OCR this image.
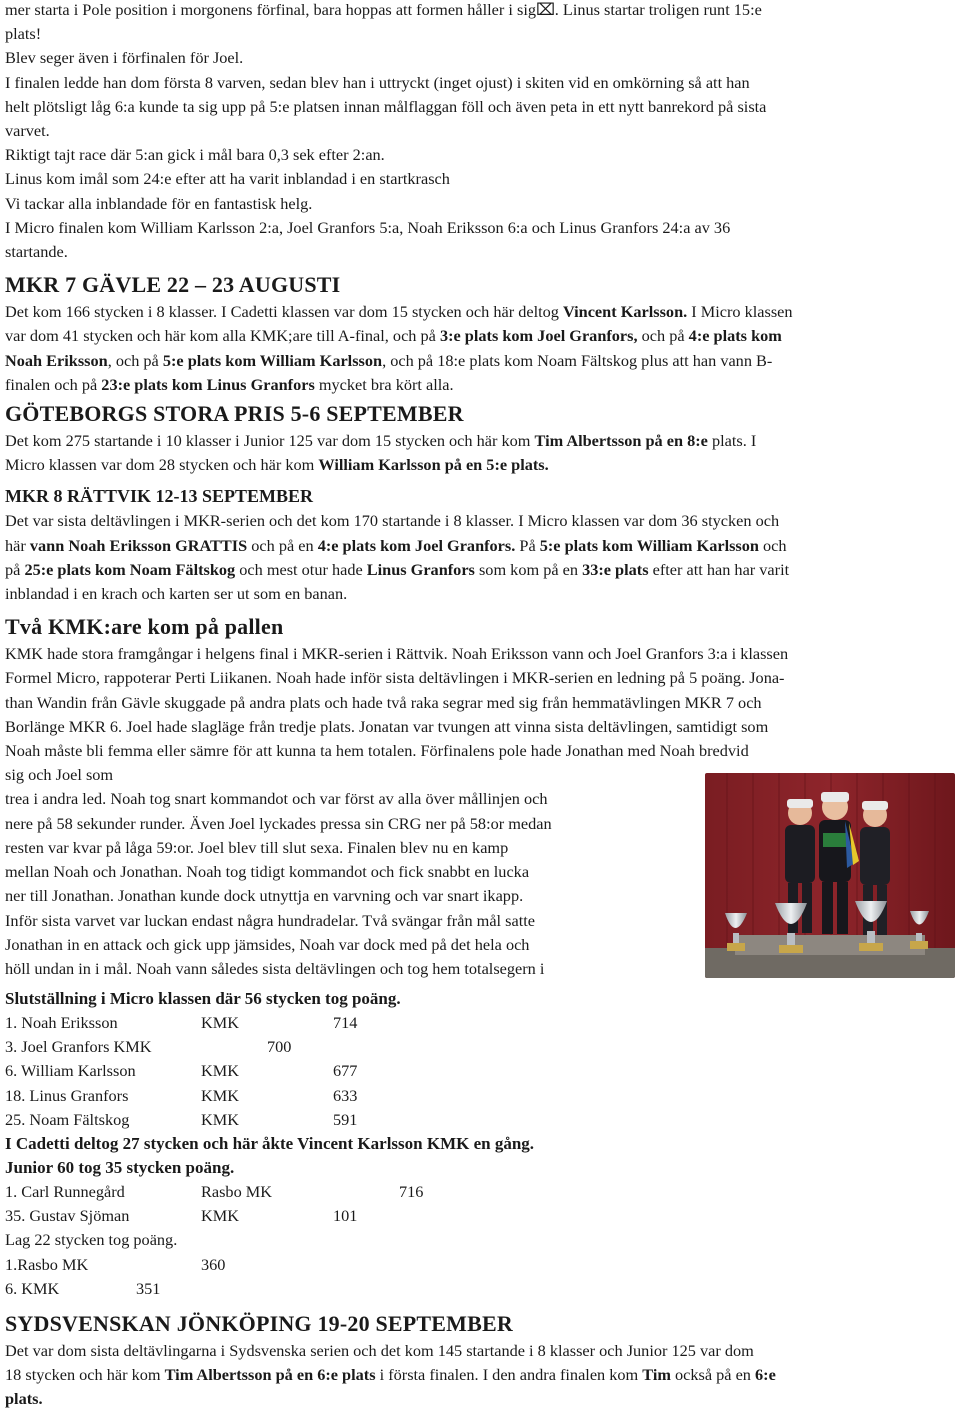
mer starta i Pole position i morgonens förfinal, bara hoppas att formen håller i sig⌧. Linus startar troligen runt 15:e
plats!
Blev seger även i förfinalen för Joel.
I finalen ledde han dom första 8 varven, sedan blev han i uttryckt (inget ojust) i skiten vid en omkörning så att han
helt plötsligt låg 6:a kunde ta sig upp på 5:e platsen innan målflaggan föll och även peta in ett nytt banrekord på sista
varvet.
Riktigt tajt race där 5:an gick i mål bara 0,3 sek efter 2:an.
Linus kom imål som 24:e efter att ha varit inblandad i en startkrasch
Vi tackar alla inblandade för en fantastisk helg.
I Micro finalen kom William Karlsson 2:a, Joel Granfors 5:a, Noah Eriksson 6:a och Linus Granfors 24:a av 36
startande.
MKR 7 GÄVLE 22 – 23 AUGUSTI
Det kom 166 stycken i 8 klasser. I Cadetti klassen var dom 15 stycken och här deltog Vincent Karlsson. I Micro klassen
var dom 41 stycken och här kom alla KMK;are till A-final, och på 3:e plats kom Joel Granfors, och på 4:e plats kom
Noah Eriksson, och på 5:e plats kom William Karlsson, och på 18:e plats kom Noam Fältskog plus att han vann B-
finalen och på 23:e plats kom Linus Granfors mycket bra kört alla.
GÖTEBORGS STORA PRIS 5-6 SEPTEMBER
Det kom 275 startande i 10 klasser i Junior 125 var dom 15 stycken och här kom Tim Albertsson på en 8:e plats. I
Micro klassen var dom 28 stycken och här kom William Karlsson på en 5:e plats.
MKR 8 RÄTTVIK 12-13 SEPTEMBER
Det var sista deltävlingen i MKR-serien och det kom 170 startande i 8 klasser. I Micro klassen var dom 36 stycken och
här vann Noah Eriksson GRATTIS och på en 4:e plats kom Joel Granfors. På 5:e plats kom William Karlsson och
på 25:e plats kom Noam Fältskog och mest otur hade Linus Granfors som kom på en 33:e plats efter att han har varit
inblandad i en krach och karten ser ut som en banan.
Två KMK:are kom på pallen
KMK hade stora framgångar i helgens final i MKR-serien i Rättvik. Noah Eriksson vann och Joel Granfors 3:a i klassen
Formel Micro, rappoterar Perti Liikanen. Noah hade inför sista deltävlingen i MKR-serien en ledning på 5 poäng. Jona-
than Wandin från Gävle skuggade på andra plats och hade två raka segrar med sig från hemmatävlingen MKR 7 och
Borlänge MKR 6. Joel hade slagläge från tredje plats. Jonatan var tvungen att vinna sista deltävlingen, samtidigt som
Noah måste bli femma eller sämre för att kunna ta hem totalen. Förfinalens pole hade Jonathan med Noah bredvid
sig och Joel som
trea i andra led. Noah tog snart kommandot och var först av alla över mållinjen och
nere på 58 sekunder runder. Även Joel lyckades pressa sin CRG ner på 58:or medan
resten var kvar på låga 59:or. Joel blev till slut sexa. Finalen blev nu en kamp
mellan Noah och Jonathan. Noah tog tidigt kommandot och fick snabbt en lucka
ner till Jonathan. Jonathan kunde dock utnyttja en varvning och var snart ikapp.
Inför sista varvet var luckan endast några hundradelar. Två svängar från mål satte
Jonathan in en attack och gick upp jämsides, Noah var dock med på det hela och
höll undan in i mål. Noah vann således sista deltävlingen och tog hem totalsegern i
Slutställning i Micro klassen där 56 stycken tog poäng.
1. Noah Eriksson	KMK	714
3. Joel Granfors KMK	700
6. William Karlsson	KMK	677
18. Linus Granfors	KMK	633
25. Noam Fältskog	KMK	591
I Cadetti deltog 27 stycken och här åkte Vincent Karlsson KMK en gång.
Junior 60 tog 35 stycken poäng.
1. Carl Runnegård	Rasbo MK	716
35. Gustav Sjöman	KMK	101
Lag 22 stycken tog poäng.
1.Rasbo MK	360
6. KMK	351
SYDSVENSKAN JÖNKÖPING 19-20 SEPTEMBER
Det var dom sista deltävlingarna i Sydsvenska serien och det kom 145 startande i 8 klasser och Junior 125 var dom
18 stycken och här kom Tim Albertsson på en 6:e plats i första finalen. I den andra finalen kom Tim också på en 6:e
plats.
